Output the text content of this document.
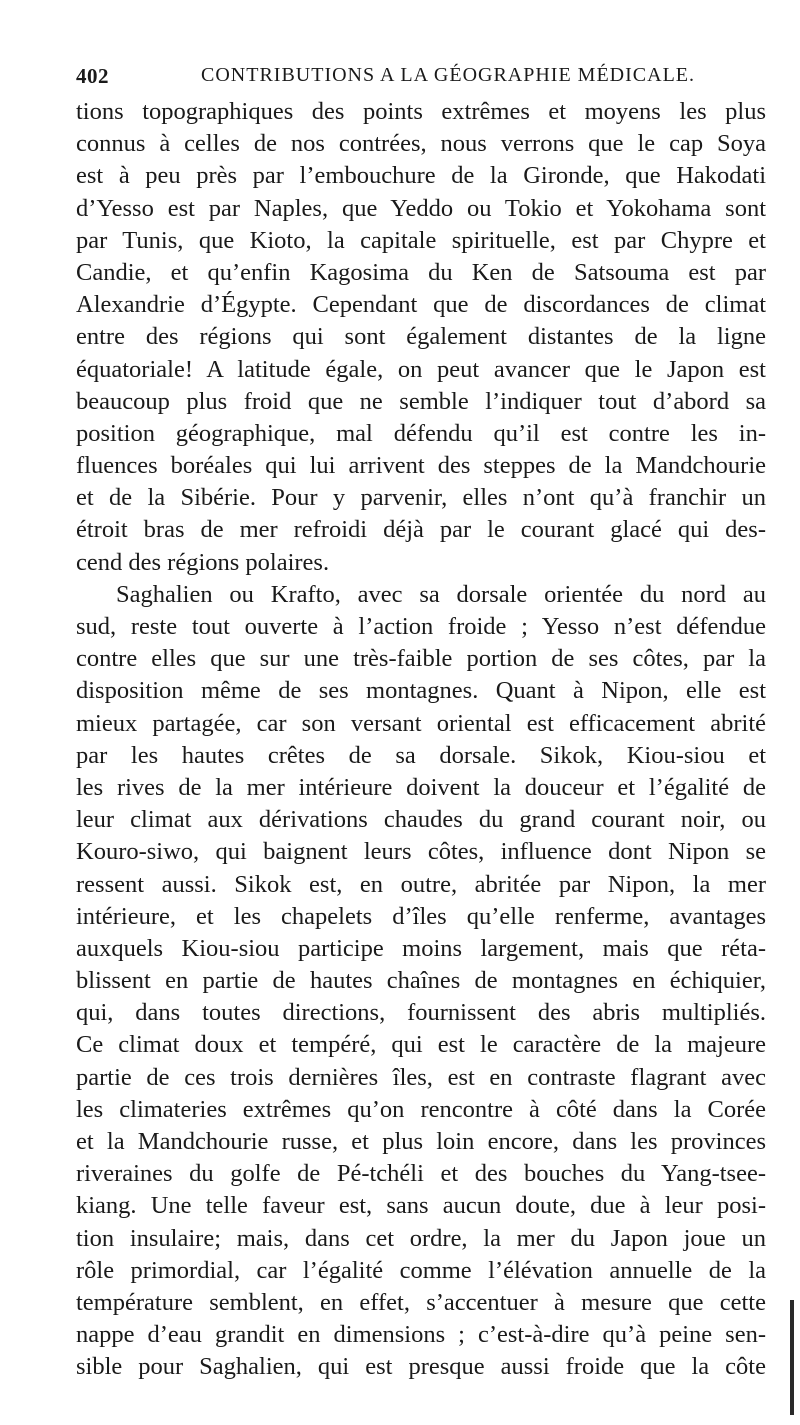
402	CONTRIBUTIONS A LA GÉOGRAPHIE MÉDICALE.
tions topographiques des points extrêmes et moyens les plus
connus à celles de nos contrées, nous verrons que le cap Soya
est à peu près par l’embouchure de la Gironde, que Hakodati
d’Yesso est par Naples, que Yeddo ou Tokio et Yokohama sont
par Tunis, que Kioto, la capitale spirituelle, est par Chypre et
Candie, et qu’enfin Kagosima du Ken de Satsouma est par
Alexandrie d’Égypte. Cependant que de discordances de climat
entre des régions qui sont également distantes de la ligne
équatoriale! A latitude égale, on peut avancer que le Japon est
beaucoup plus froid que ne semble l’indiquer tout d’abord sa
position géographique, mal défendu qu’il est contre les in-
fluences boréales qui lui arrivent des steppes de la Mandchourie
et de la Sibérie. Pour y parvenir, elles n’ont qu’à franchir un
étroit bras de mer refroidi déjà par le courant glacé qui des-
cend des régions polaires.
Saghalien ou Krafto, avec sa dorsale orientée du nord au
sud, reste tout ouverte à l’action froide ; Yesso n’est défendue
contre elles que sur une très-faible portion de ses côtes, par la
disposition même de ses montagnes. Quant à Nipon, elle est
mieux partagée, car son versant oriental est efficacement abrité
par les hautes crêtes de sa dorsale. Sikok, Kiou-siou et
les rives de la mer intérieure doivent la douceur et l’égalité de
leur climat aux dérivations chaudes du grand courant noir, ou
Kouro-siwo, qui baignent leurs côtes, influence dont Nipon se
ressent aussi. Sikok est, en outre, abritée par Nipon, la mer
intérieure, et les chapelets d’îles qu’elle renferme, avantages
auxquels Kiou-siou participe moins largement, mais que réta-
blissent en partie de hautes chaînes de montagnes en échiquier,
qui, dans toutes directions, fournissent des abris multipliés.
Ce climat doux et tempéré, qui est le caractère de la majeure
partie de ces trois dernières îles, est en contraste flagrant avec
les climateries extrêmes qu’on rencontre à côté dans la Corée
et la Mandchourie russe, et plus loin encore, dans les provinces
riveraines du golfe de Pé-tchéli et des bouches du Yang-tsee-
kiang. Une telle faveur est, sans aucun doute, due à leur posi-
tion insulaire; mais, dans cet ordre, la mer du Japon joue un
rôle primordial, car l’égalité comme l’élévation annuelle de la
température semblent, en effet, s’accentuer à mesure que cette
nappe d’eau grandit en dimensions ; c’est-à-dire qu’à peine sen-
sible pour Saghalien, qui est presque aussi froide que la côte
